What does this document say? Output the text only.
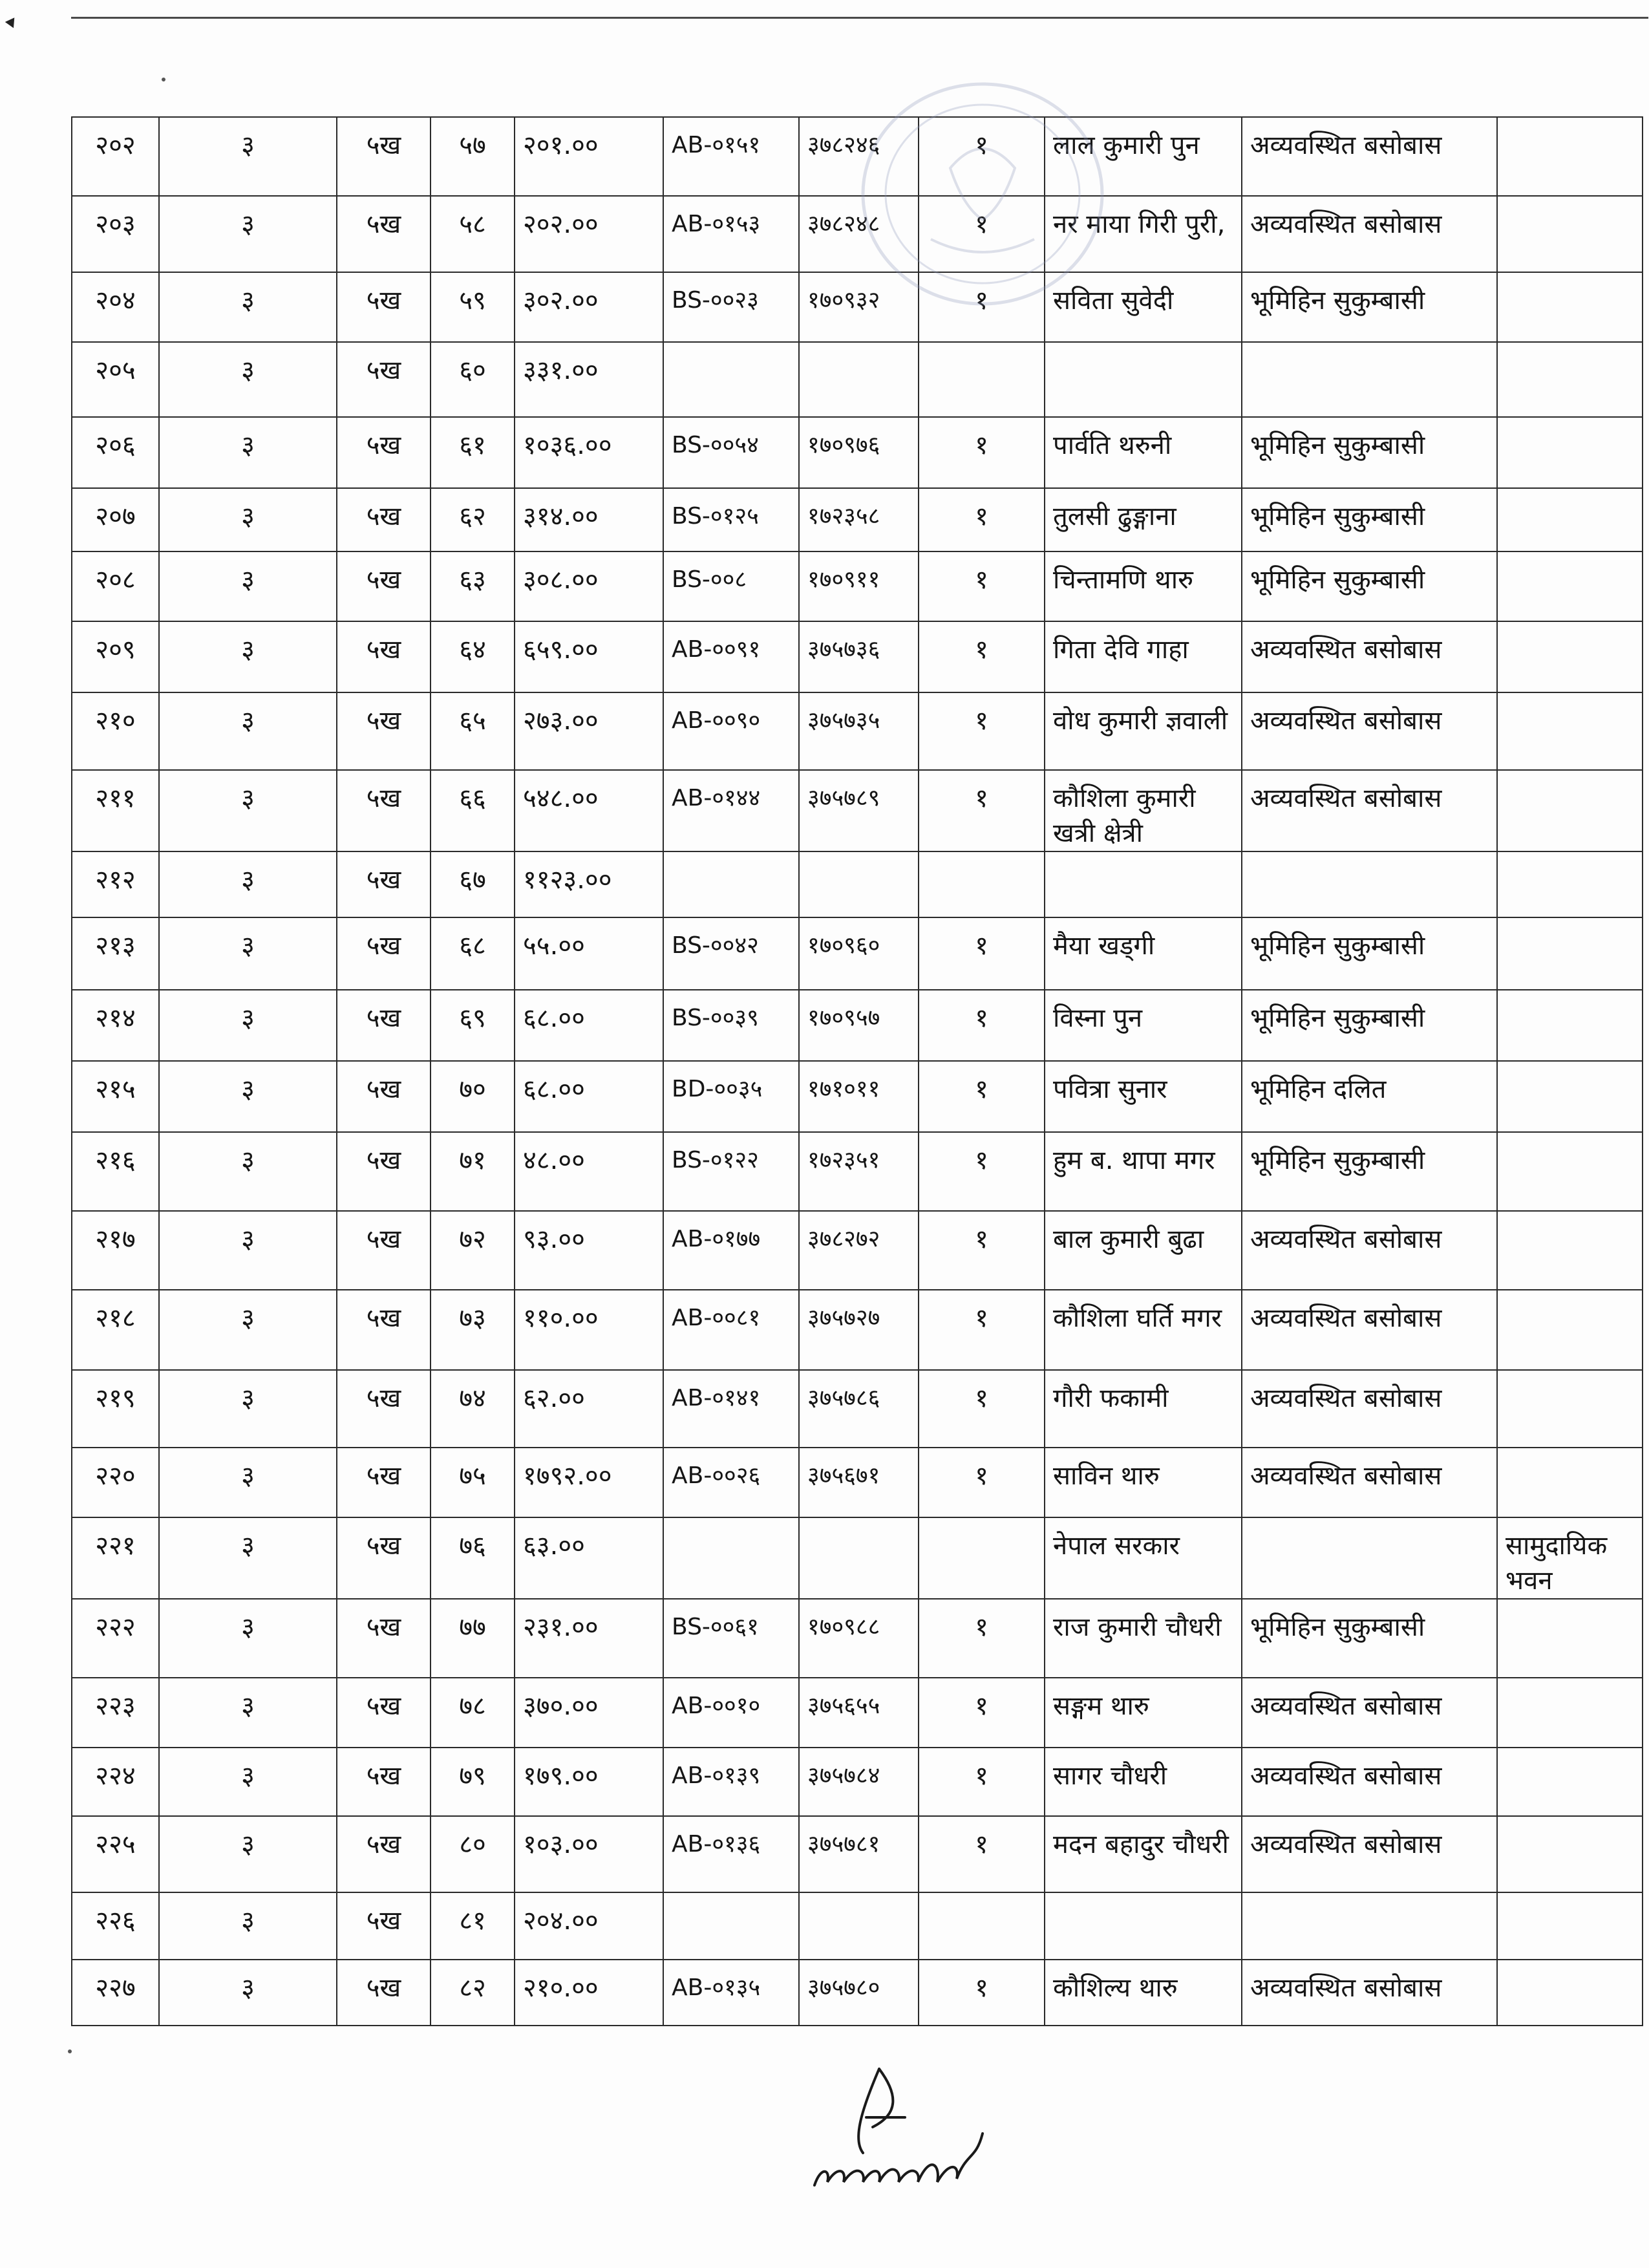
२०२	३	५ख	५७	२०१.००	AB-०१५१	३७८२४६	१	लाल कुमारी पुन	अव्यवस्थित बसोबास	
२०३	३	५ख	५८	२०२.००	AB-०१५३	३७८२४८	१	नर माया गिरी पुरी,	अव्यवस्थित बसोबास	
२०४	३	५ख	५९	३०२.००	BS-००२३	१७०९३२	१	सविता सुवेदी	भूमिहिन सुकुम्बासी	
२०५	३	५ख	६०	३३१.००						
२०६	३	५ख	६१	१०३६.००	BS-००५४	१७०९७६	१	पार्वति थरुनी	भूमिहिन सुकुम्बासी	
२०७	३	५ख	६२	३१४.००	BS-०१२५	१७२३५८	१	तुलसी ढुङ्गाना	भूमिहिन सुकुम्बासी	
२०८	३	५ख	६३	३०८.००	BS-००८	१७०९११	१	चिन्तामणि थारु	भूमिहिन सुकुम्बासी	
२०९	३	५ख	६४	६५९.००	AB-००९१	३७५७३६	१	गिता देवि गाहा	अव्यवस्थित बसोबास	
२१०	३	५ख	६५	२७३.००	AB-००९०	३७५७३५	१	वोध कुमारी ज्ञवाली	अव्यवस्थित बसोबास	
२११	३	५ख	६६	५४८.००	AB-०१४४	३७५७८९	१	कौशिला कुमारी खत्री क्षेत्री	अव्यवस्थित बसोबास	
२१२	३	५ख	६७	११२३.००						
२१३	३	५ख	६८	५५.००	BS-००४२	१७०९६०	१	मैया खड्गी	भूमिहिन सुकुम्बासी	
२१४	३	५ख	६९	६८.००	BS-००३९	१७०९५७	१	विस्ना पुन	भूमिहिन सुकुम्बासी	
२१५	३	५ख	७०	६८.००	BD-००३५	१७१०११	१	पवित्रा सुनार	भूमिहिन दलित	
२१६	३	५ख	७१	४८.००	BS-०१२२	१७२३५१	१	हुम ब. थापा मगर	भूमिहिन सुकुम्बासी	
२१७	३	५ख	७२	९३.००	AB-०१७७	३७८२७२	१	बाल कुमारी बुढा	अव्यवस्थित बसोबास	
२१८	३	५ख	७३	११०.००	AB-००८१	३७५७२७	१	कौशिला घर्ति मगर	अव्यवस्थित बसोबास	
२१९	३	५ख	७४	६२.००	AB-०१४१	३७५७८६	१	गौरी फकामी	अव्यवस्थित बसोबास	
२२०	३	५ख	७५	१७९२.००	AB-००२६	३७५६७१	१	साविन थारु	अव्यवस्थित बसोबास	
२२१	३	५ख	७६	६३.००				नेपाल सरकार		सामुदायिक भवन
२२२	३	५ख	७७	२३१.००	BS-००६१	१७०९८८	१	राज कुमारी चौधरी	भूमिहिन सुकुम्बासी	
२२३	३	५ख	७८	३७०.००	AB-००१०	३७५६५५	१	सङ्गम थारु	अव्यवस्थित बसोबास	
२२४	३	५ख	७९	१७९.००	AB-०१३९	३७५७८४	१	सागर चौधरी	अव्यवस्थित बसोबास	
२२५	३	५ख	८०	१०३.००	AB-०१३६	३७५७८१	१	मदन बहादुर चौधरी	अव्यवस्थित बसोबास	
२२६	३	५ख	८१	२०४.००						
२२७	३	५ख	८२	२१०.००	AB-०१३५	३७५७८०	१	कौशिल्य थारु	अव्यवस्थित बसोबास	
